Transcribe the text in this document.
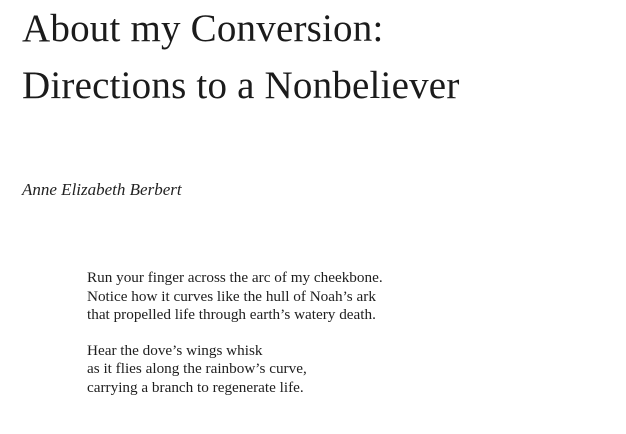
About my Conversion:
Directions to a Nonbeliever

Anne Elizabeth Berbert

Run your finger across the arc of my cheekbone.
Notice how it curves like the hull of Noah’s ark
that propelled life through earth’s watery death.
Hear the dove’s wings whisk
as it flies along the rainbow’s curve,
carrying a branch to regenerate life.
